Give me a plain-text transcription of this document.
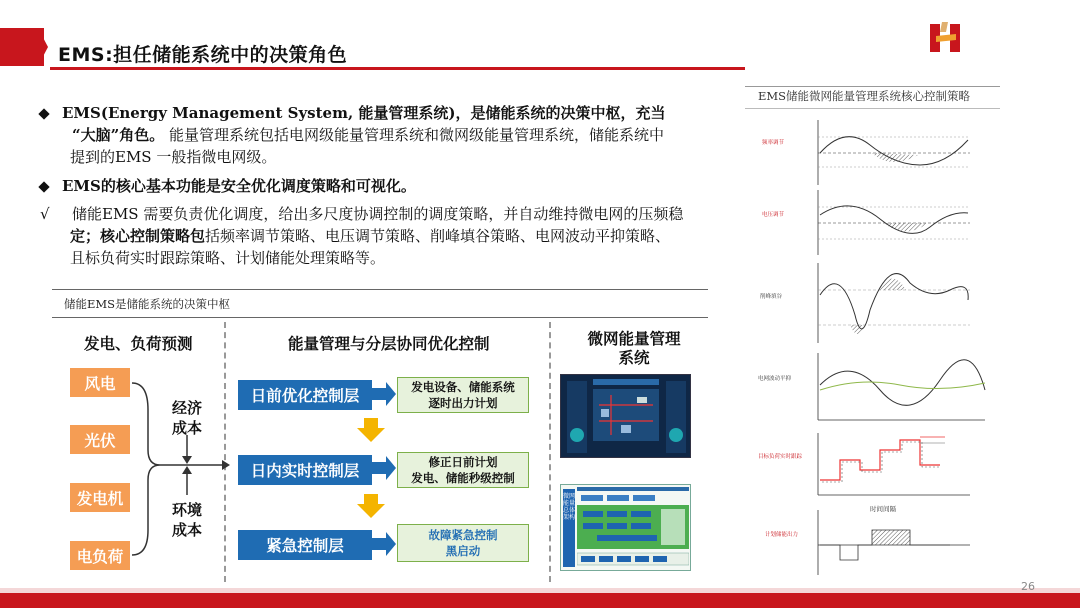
EMS:担任储能系统中的决策角色
EMS(Energy Management System, 能量管理系统)，是储能系统的决策中枢，充当
“大脑”角色。 能量管理系统包括电网级能量管理系统和微网级能量管理系统，储能系统中
提到的EMS 一般指微电网级。
EMS的核心基本功能是安全优化调度策略和可视化。
√ 储能EMS 需要负责优化调度，给出多尺度协调控制的调度策略，并自动维持微电网的压频稳
定；核心控制策略包括频率调节策略、电压调节策略、削峰填谷策略、电网波动平抑策略、
且标负荷实时跟踪策略、计划储能处理策略等。
储能EMS是储能系统的决策中枢
发电、负荷预测	能量管理与分层协同优化控制	微网能量管理
系统
风电
光伏
发电机
电负荷
经济
成本
环境
成本
日前优化控制层
日内实时控制层
紧急控制层
发电设备、储能系统
逐时出力计划
修正日前计划
发电、储能秒级控制
故障紧急控制
黑启动
微网能量总体架构
EMS储能微网能量管理系统核心控制策略
频率调节
电压调节
削峰填谷
电网波动平抑
目标负荷实时跟踪
计划储能出力
时间间隔
26
